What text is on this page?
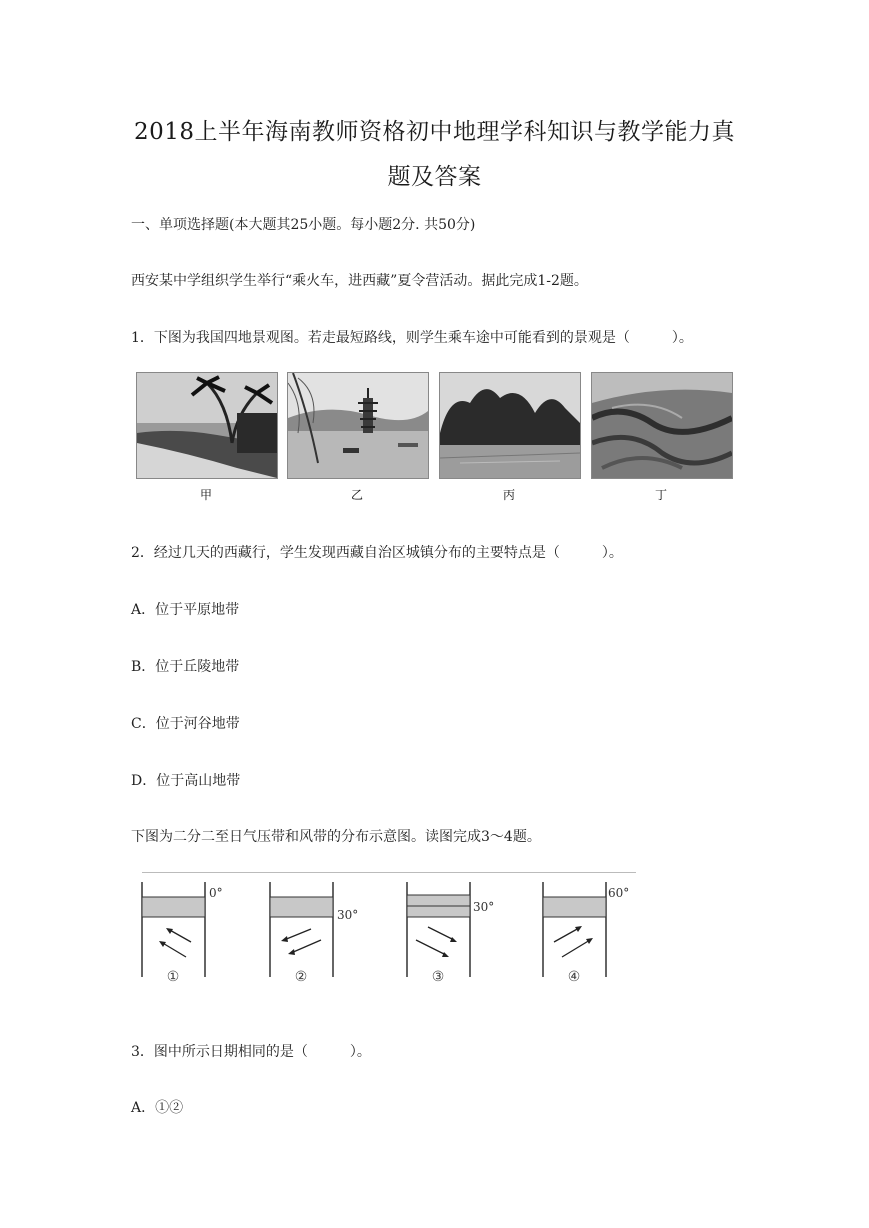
2018上半年海南教师资格初中地理学科知识与教学能力真
题及答案
一、单项选择题(本大题其25小题。每小题2分. 共50分)
西安某中学组织学生举行“乘火车，进西藏”夏令营活动。据此完成1-2题。
1．下图为我国四地景观图。若走最短路线，则学生乘车途中可能看到的景观是（　　　）。
甲	乙	丙	丁
2．经过几天的西藏行，学生发现西藏自治区城镇分布的主要特点是（　　　）。
A．位于平原地带
B．位于丘陵地带
C．位于河谷地带
D．位于高山地带
下图为二分二至日气压带和风带的分布示意图。读图完成3～4题。
0°
①
30°
②
30°
③
60°
④
3．图中所示日期相同的是（　　　）。
A．①②
